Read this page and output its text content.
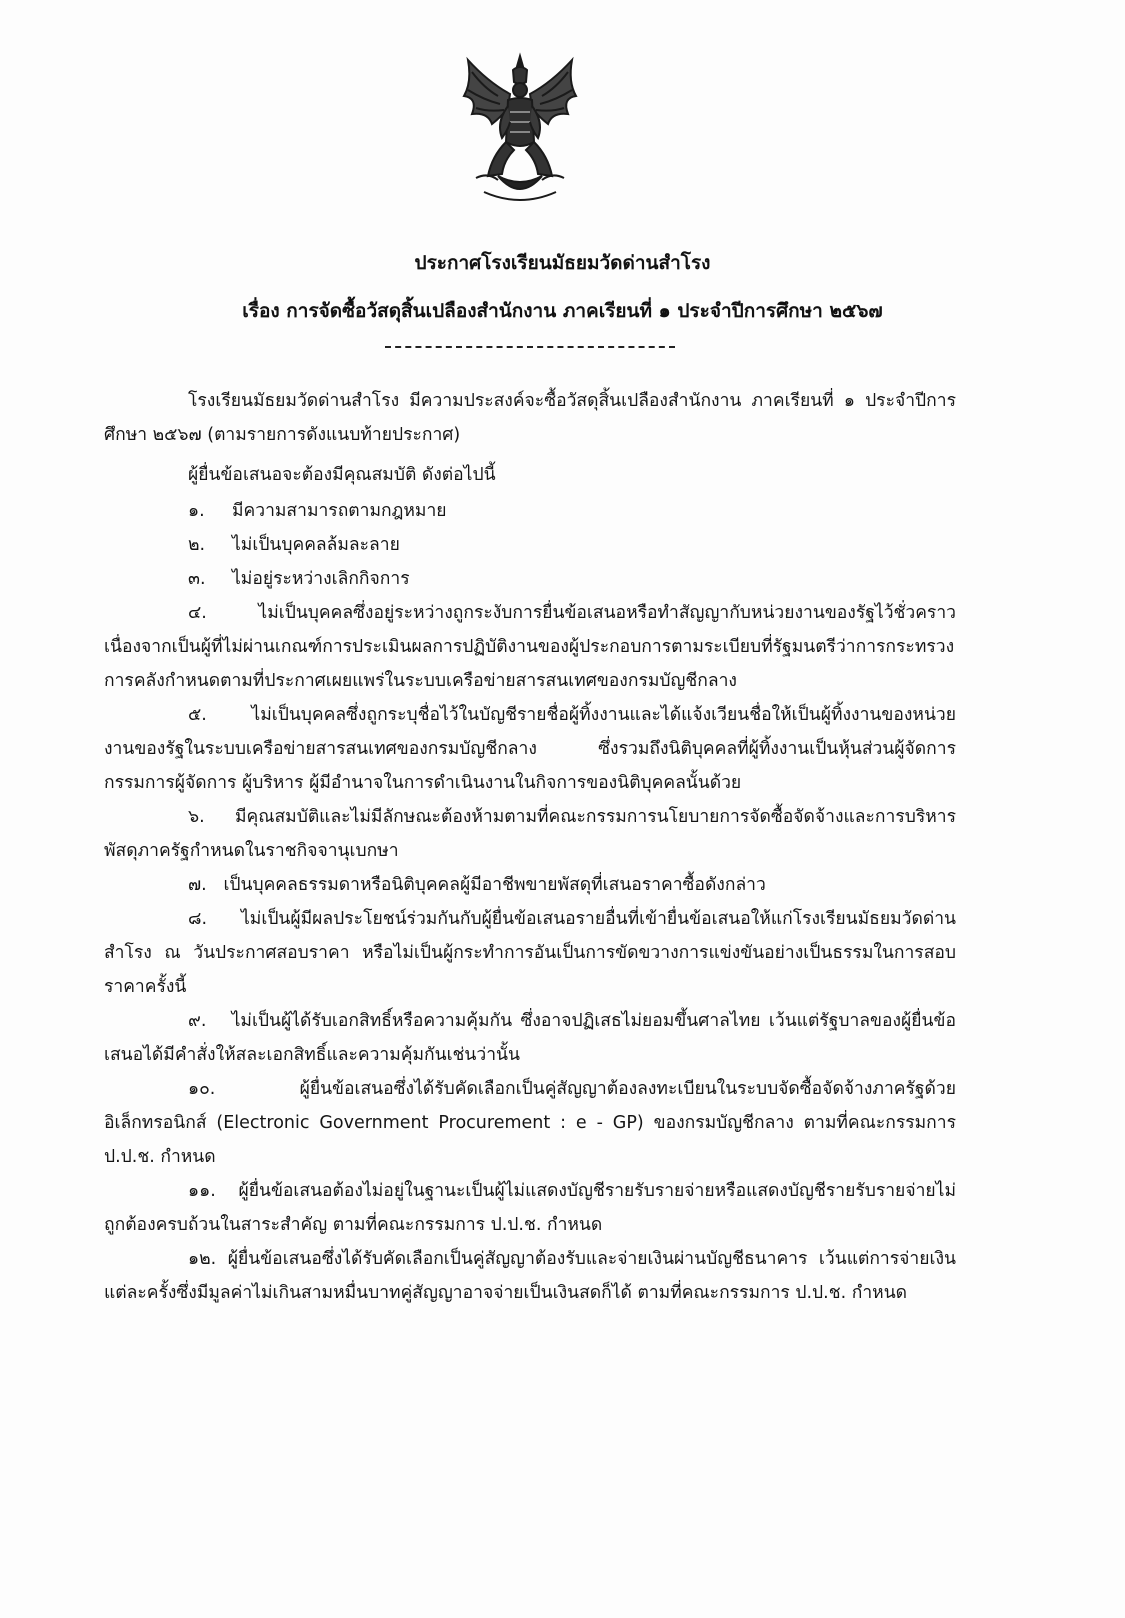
ประกาศโรงเรียนมัธยมวัดด่านสำโรง
เรื่อง การจัดซื้อวัสดุสิ้นเปลืองสำนักงาน ภาคเรียนที่ ๑ ประจำปีการศึกษา ๒๕๖๗

โรงเรียนมัธยมวัดด่านสำโรง มีความประสงค์จะซื้อวัสดุสิ้นเปลืองสำนักงาน ภาคเรียนที่ ๑ ประจำปีการศึกษา ๒๕๖๗ (ตามรายการดังแนบท้ายประกาศ)

ผู้ยื่นข้อเสนอจะต้องมีคุณสมบัติ ดังต่อไปนี้

๑. มีความสามารถตามกฎหมาย
๒. ไม่เป็นบุคคลล้มละลาย
๓. ไม่อยู่ระหว่างเลิกกิจการ

๔.	ไม่เป็นบุคคลซึ่งอยู่ระหว่างถูกระงับการยื่นข้อเสนอหรือทำสัญญากับหน่วยงานของรัฐไว้ชั่วคราว เนื่องจากเป็นผู้ที่ไม่ผ่านเกณฑ์การประเมินผลการปฏิบัติงานของผู้ประกอบการตามระเบียบที่รัฐมนตรีว่าการกระทรวงการคลังกำหนดตามที่ประกาศเผยแพร่ในระบบเครือข่ายสารสนเทศของกรมบัญชีกลาง

๕.	ไม่เป็นบุคคลซึ่งถูกระบุชื่อไว้ในบัญชีรายชื่อผู้ทิ้งงานและได้แจ้งเวียนชื่อให้เป็นผู้ทิ้งงานของหน่วยงานของรัฐในระบบเครือข่ายสารสนเทศของกรมบัญชีกลาง ซึ่งรวมถึงนิติบุคคลที่ผู้ทิ้งงานเป็นหุ้นส่วนผู้จัดการ กรรมการผู้จัดการ ผู้บริหาร ผู้มีอำนาจในการดำเนินงานในกิจการของนิติบุคคลนั้นด้วย

๖. มีคุณสมบัติและไม่มีลักษณะต้องห้ามตามที่คณะกรรมการนโยบายการจัดซื้อจัดจ้างและการบริหารพัสดุภาครัฐกำหนดในราชกิจจานุเบกษา

๗. เป็นบุคคลธรรมดาหรือนิติบุคคลผู้มีอาชีพขายพัสดุที่เสนอราคาซื้อดังกล่าว

๘. ไม่เป็นผู้มีผลประโยชน์ร่วมกันกับผู้ยื่นข้อเสนอรายอื่นที่เข้ายื่นข้อเสนอให้แก่โรงเรียนมัธยมวัดด่านสำโรง ณ วันประกาศสอบราคา หรือไม่เป็นผู้กระทำการอันเป็นการขัดขวางการแข่งขันอย่างเป็นธรรมในการสอบราคาครั้งนี้

๙. ไม่เป็นผู้ได้รับเอกสิทธิ์หรือความคุ้มกัน ซึ่งอาจปฏิเสธไม่ยอมขึ้นศาลไทย เว้นแต่รัฐบาลของผู้ยื่นข้อเสนอได้มีคำสั่งให้สละเอกสิทธิ์และความคุ้มกันเช่นว่านั้น

๑๐.	ผู้ยื่นข้อเสนอซึ่งได้รับคัดเลือกเป็นคู่สัญญาต้องลงทะเบียนในระบบจัดซื้อจัดจ้างภาครัฐด้วยอิเล็กทรอนิกส์ (Electronic Government Procurement : e - GP) ของกรมบัญชีกลาง ตามที่คณะกรรมการ ป.ป.ช. กำหนด

๑๑. ผู้ยื่นข้อเสนอต้องไม่อยู่ในฐานะเป็นผู้ไม่แสดงบัญชีรายรับรายจ่ายหรือแสดงบัญชีรายรับรายจ่ายไม่ถูกต้องครบถ้วนในสาระสำคัญ ตามที่คณะกรรมการ ป.ป.ช. กำหนด

๑๒. ผู้ยื่นข้อเสนอซึ่งได้รับคัดเลือกเป็นคู่สัญญาต้องรับและจ่ายเงินผ่านบัญชีธนาคาร เว้นแต่การจ่ายเงินแต่ละครั้งซึ่งมีมูลค่าไม่เกินสามหมื่นบาทคู่สัญญาอาจจ่ายเป็นเงินสดก็ได้ ตามที่คณะกรรมการ ป.ป.ช. กำหนด
